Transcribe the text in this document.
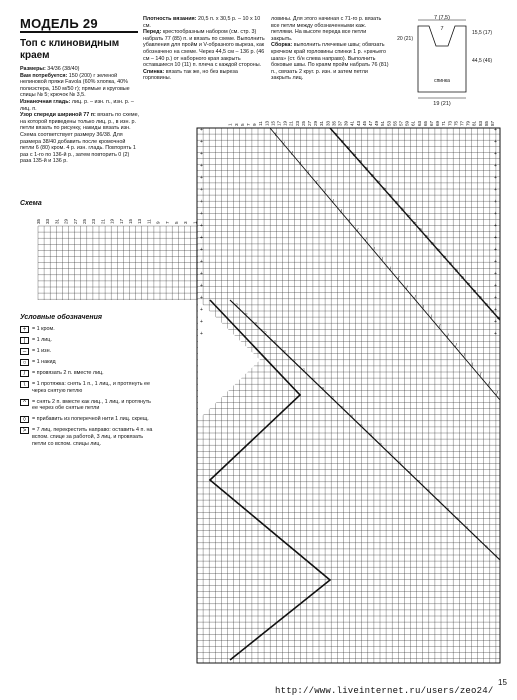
МОДЕЛЬ 29
Топ с клиновидным краем
Размеры: 34/36 (38/40)
Вам потребуется: 150 (200) г зеленой нелиновой пряжи Favola (60% хлопка, 40% полиэстера, 150 м/50 г); прямые и круговые спицы № 5; крючок № 3,5.
Изнаночная гладь: лиц. р. – изн. п., изн. р. – лиц. п.
Узор спереди шириной 77 п: вязать по схеме, на которой приведены только лиц. р., в изн. р. петли вязать по рисунку, накиды вязать изн. Схема соответствует размеру 36/38. Для размера 38/40 добавить после кромочной петли 6 (80) кром. 4 р. изн. гладь. Повторять 1 раз с 1-го по 136-й р., затем повторить 0 (2) раза 135-й и 136 р.
Плотность вязания: 20,5 п. х 30,5 р. – 10 х 10 см.
Перед: крестообразным набором (см. стр. 3) набрать 77 (85) п. и вязать по схеме. Выполнить убавления для пройм и V-образного выреза, как обозначено на схеме. Через 44,5 см – 136 р. (46 см – 140 р.) от наборного края закрыть оставшиеся 10 (11) п. плеча с каждой стороны.
Спинка: вязать так же, но без выреза горловины.
ловины. Для этого начиная с 71-го р. вязать все петли между обозначенными каж. петлями. На высоте переда все петли закрыть.
Сборка: выполнить плечевые швы; обвязать крючком край горловины спинки 1 р. «рачьего шага» (ст. б/н слева направо). Выполнить боковые швы. По краям пройм набрать 76 (81) п., связать 2 круг. р. изн. и затем петли закрыть лиц.
Схема
Условные обозначения
+	= 1 кром.
|	= 1 лиц.
–	= 1 изн.
○	= 1 накид
/	= провязать 2 п. вместе лиц.
\	= 1 протяжка: снять 1 п., 1 лиц., и протянуть ее через снятую петлю
^	= снять 2 п. вместе как лиц., 1 лиц. и протянуть ее через обе снятые петли
◊	= прибавить из поперечной нити 1 лиц. скрещ.
>	= 7 лиц. перекрестить направо: оставить 4 п. на вспом. спице за работой, 3 лиц. и провязать петли со вспом. спицы лиц.
7 (7,5)
7
20 (21)
15,5 (17)
44,5 (46)
19 (21)
спинка
>
/
○
>
/
○
>
/
○
>
/
○
>
/
○
>
/
○
>
/
○
>
/
○
>
/
○
>
/
○
>
/
○
>
/
○
>
/
○
>
/
○
>
/
○
>
/
○
>
/
○
>
/
○
>
/
○
>
/
○
>
/
○
>
/
○
>
/
○
>
/
○
>
/
○
>
/
○
>
/
○
>
/
○
+	+
+	+
+	+
+	+
+	+
+	+
+	+
+	+
+	+
+	+
+	+
+	+
+	+
+	+
+	+
+	+
+	+
+	+
87
85
83
81
79
77
75
73
71
69
67
65
63
61
59
57
55
53
51
49
47
45
43
41
39
37
35
33
31
29
27
25
23
21
19
17
15
13
11
9
7
5
3
1
35 33 31 29 27 25 23 21 19 17 15 13 11 9 7 5 3 1
15
http://www.liveinternet.ru/users/zeo24/
